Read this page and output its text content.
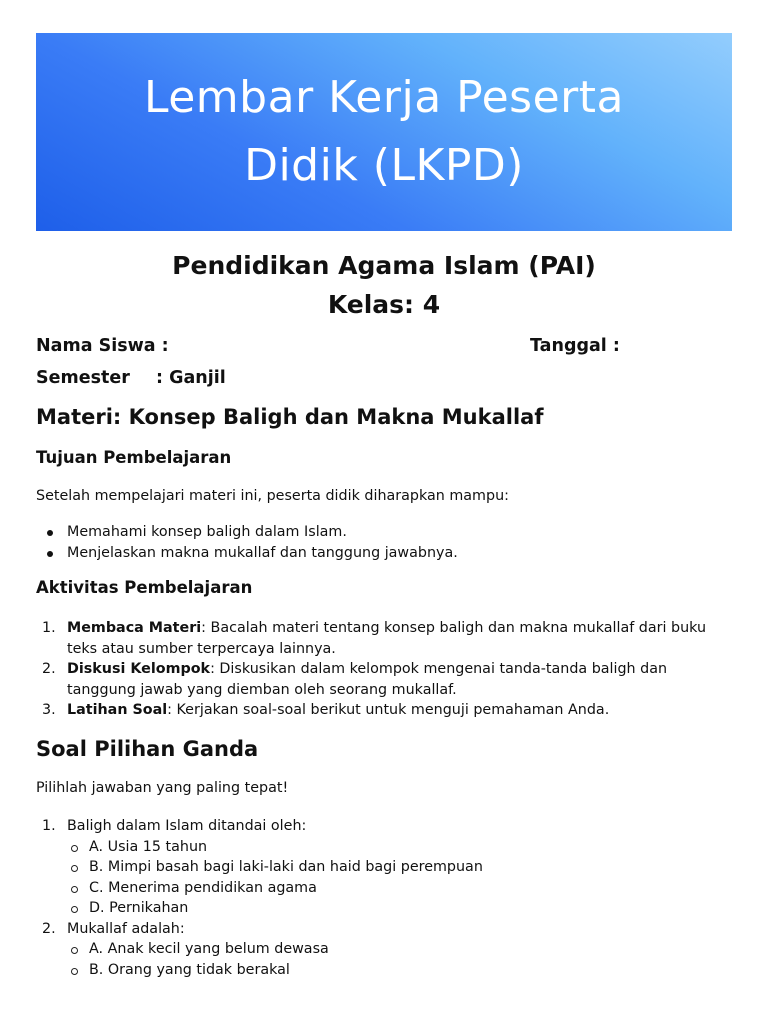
Lembar Kerja Peserta
Didik (LKPD)
Pendidikan Agama Islam (PAI)
Kelas: 4
Nama Siswa :	Tanggal :
Semester : Ganjil
Materi: Konsep Baligh dan Makna Mukallaf
Tujuan Pembelajaran
Setelah mempelajari materi ini, peserta didik diharapkan mampu:
Memahami konsep baligh dalam Islam.
Menjelaskan makna mukallaf dan tanggung jawabnya.
Aktivitas Pembelajaran
1. Membaca Materi: Bacalah materi tentang konsep baligh dan makna mukallaf dari buku
teks atau sumber terpercaya lainnya.
2. Diskusi Kelompok: Diskusikan dalam kelompok mengenai tanda-tanda baligh dan
tanggung jawab yang diemban oleh seorang mukallaf.
3. Latihan Soal: Kerjakan soal-soal berikut untuk menguji pemahaman Anda.
Soal Pilihan Ganda
Pilihlah jawaban yang paling tepat!
1. Baligh dalam Islam ditandai oleh:
A. Usia 15 tahun
B. Mimpi basah bagi laki-laki dan haid bagi perempuan
C. Menerima pendidikan agama
D. Pernikahan
2. Mukallaf adalah:
A. Anak kecil yang belum dewasa
B. Orang yang tidak berakal
